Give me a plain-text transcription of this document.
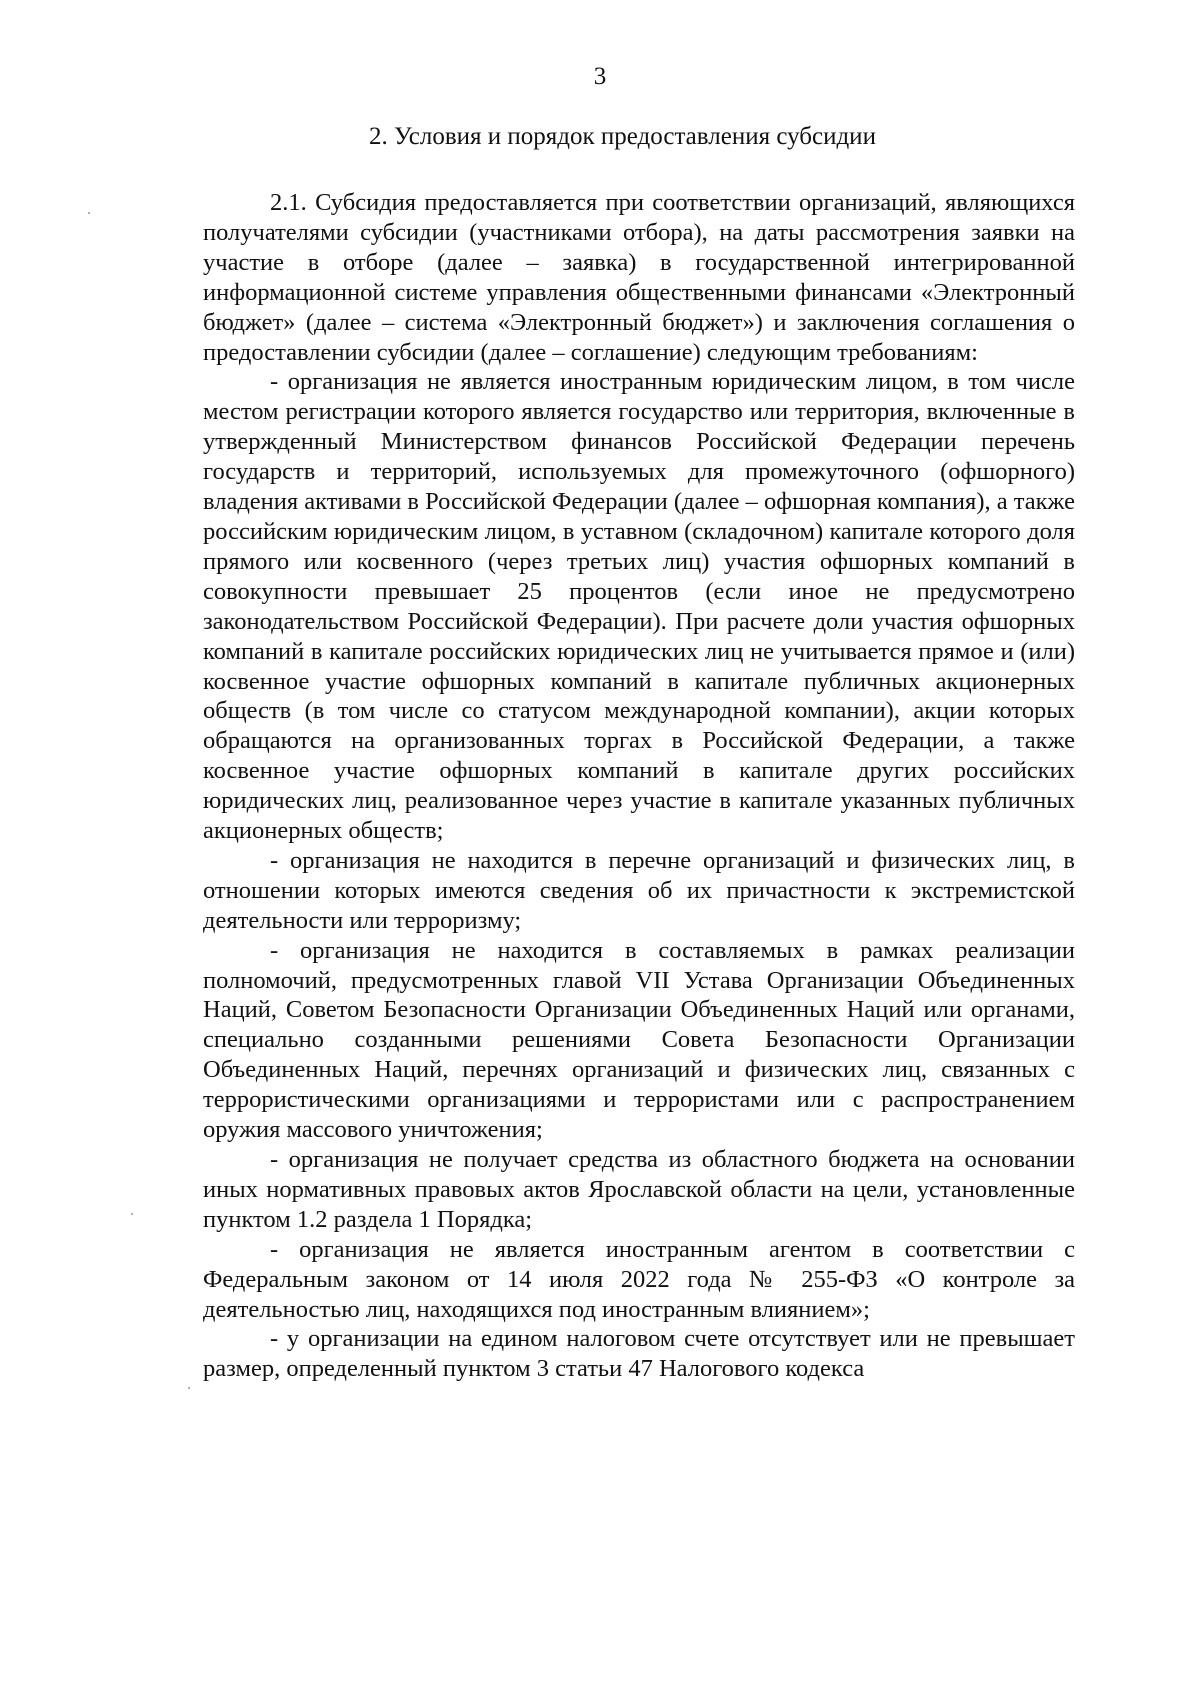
3
2. Условия и порядок предоставления субсидии

2.1. Субсидия предоставляется при соответствии организаций, являющихся получателями субсидии (участниками отбора), на даты рассмотрения заявки на участие в отборе (далее – заявка) в государственной интегрированной информационной системе управления общественными финансами «Электронный бюджет» (далее – система «Электронный бюджет») и заключения соглашения о предоставлении субсидии (далее – соглашение) следующим требованиям:

- организация не является иностранным юридическим лицом, в том числе местом регистрации которого является государство или территория, включенные в утвержденный Министерством финансов Российской Федерации перечень государств и территорий, используемых для промежуточного (офшорного) владения активами в Российской Федерации (далее – офшорная компания), а также российским юридическим лицом, в уставном (складочном) капитале которого доля прямого или косвенного (через третьих лиц) участия офшорных компаний в совокупности превышает 25 процентов (если иное не предусмотрено законодательством Российской Федерации). При расчете доли участия офшорных компаний в капитале российских юридических лиц не учитывается прямое и (или) косвенное участие офшорных компаний в капитале публичных акционерных обществ (в том числе со статусом международной компании), акции которых обращаются на организованных торгах в Российской Федерации, а также косвенное участие офшорных компаний в капитале других российских юридических лиц, реализованное через участие в капитале указанных публичных акционерных обществ;

- организация не находится в перечне организаций и физических лиц, в отношении которых имеются сведения об их причастности к экстремистской деятельности или терроризму;

- организация не находится в составляемых в рамках реализации полномочий, предусмотренных главой VII Устава Организации Объединенных Наций, Советом Безопасности Организации Объединенных Наций или органами, специально созданными решениями Совета Безопасности Организации Объединенных Наций, перечнях организаций и физических лиц, связанных с террористическими организациями и террористами или с распространением оружия массового уничтожения;

- организация не получает средства из областного бюджета на основании иных нормативных правовых актов Ярославской области на цели, установленные пунктом 1.2 раздела 1 Порядка;

- организация не является иностранным агентом в соответствии с Федеральным законом от 14 июля 2022 года № 255-ФЗ «О контроле за деятельностью лиц, находящихся под иностранным влиянием»;

- у организации на едином налоговом счете отсутствует или не превышает размер, определенный пунктом 3 статьи 47 Налогового кодекса
